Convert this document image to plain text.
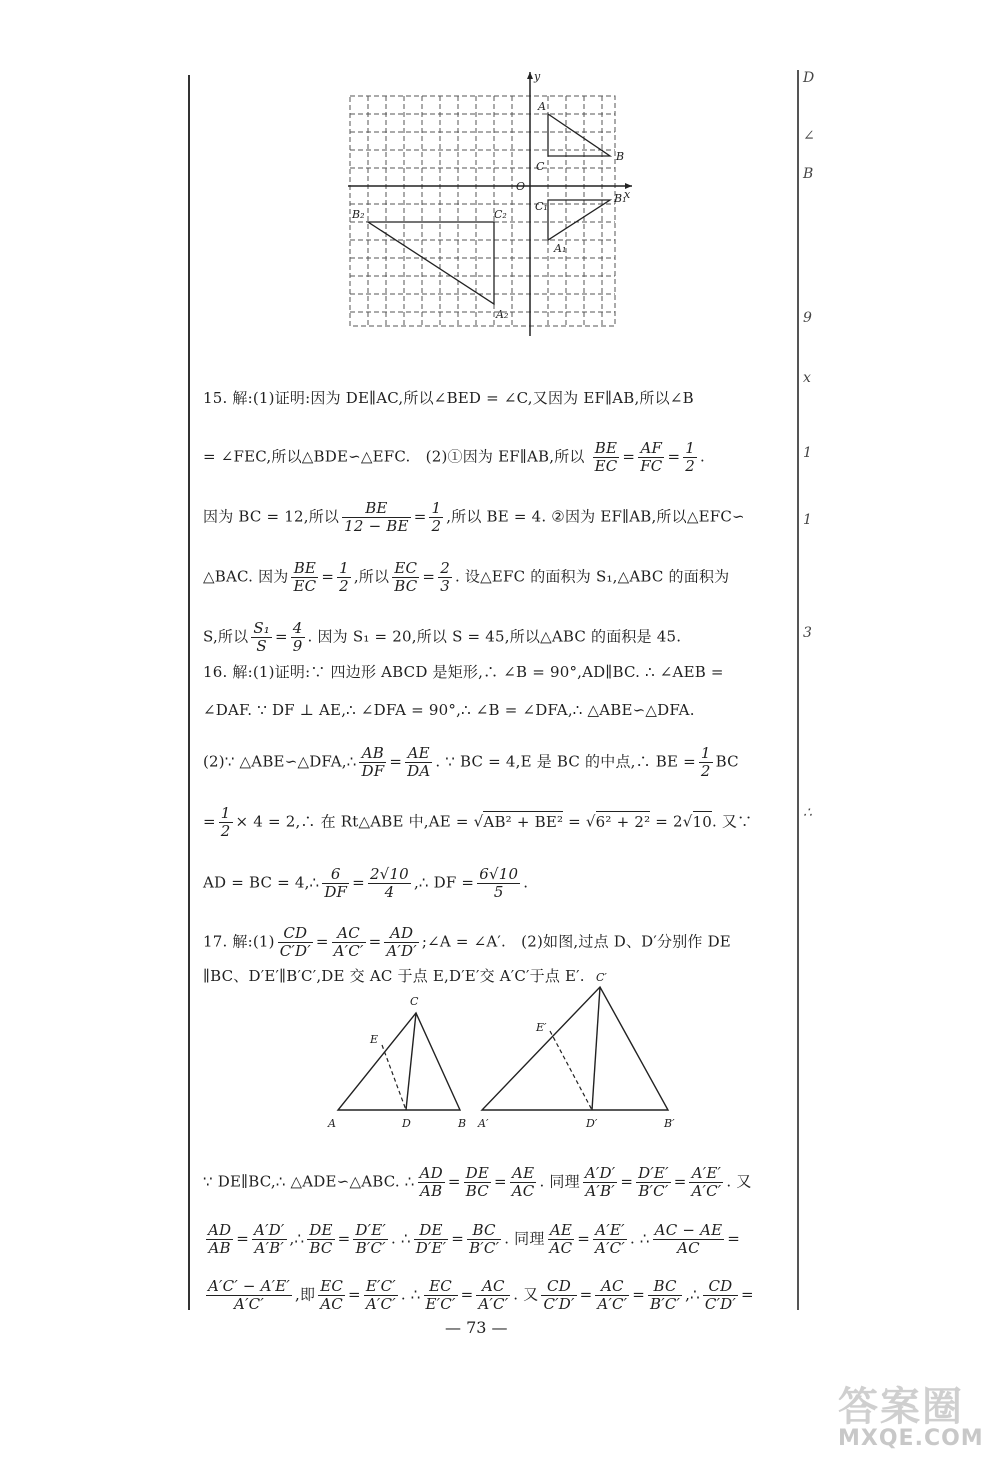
D
∠
B
9
x
1
1
3
∴
y
x
O
A
B
C
B₁
C₁
A₁
B₂	C₂
A₂
15. 解:(1)证明:因为 DE∥AC,所以∠BED = ∠C,又因为 EF∥AB,所以∠B
= ∠FEC,所以△BDE∽△EFC.　(2)①因为 EF∥AB,所以 $\frac{BE}{EC} = \frac{AF}{FC} = \frac{1}{2}$ .
因为 BC = 12,所以 $\frac{BE}{12 - BE} = \frac{1}{2}$ ,所以 BE = 4. ②因为 EF∥AB,所以△EFC∽
△BAC. 因为 $\frac{BE}{EC} = \frac{1}{2}$ ,所以 $\frac{EC}{BC} = \frac{2}{3}$ . 设△EFC 的面积为 S₁,△ABC 的面积为
S,所以 $\frac{\text{S₁}}{S} = \frac{4}{9}$ . 因为 S₁ = 20,所以 S = 45,所以△ABC 的面积是 45.
16. 解:(1)证明:∵ 四边形 ABCD 是矩形,∴ ∠B = 90°,AD∥BC. ∴ ∠AEB =
∠DAF. ∵ DF ⊥ AE,∴ ∠DFA = 90°,∴ ∠B = ∠DFA,∴ △ABE∽△DFA.
(2)∵ △ABE∽△DFA,∴ $\frac{AB}{DF} = \frac{AE}{DA}$ . ∵ BC = 4,E 是 BC 的中点,∴ BE = $\frac{1}{2}$ BC
= $\frac{1}{2} \times 4$ = 2,∴ 在 Rt△ABE 中,AE = √AB² + BE² = √6² + 2² = 2√10. 又∵
AD = BC = 4,∴ $\frac{6}{DF} = \frac{2√10}{4}$ ,∴ DF = $\frac{6√10}{5}$ .
17. 解:(1) $\frac{CD}{C'D'} = \frac{AC}{A'C'} = \frac{AD}{A'D'}$ ;∠A = ∠A′.　(2)如图,过点 D、D′分别作 DE
∥BC、D′E′∥B′C′,DE 交 AC 于点 E,D′E′交 A′C′于点 E′.
∵ DE∥BC,∴ △ADE∽△ABC. ∴ $\frac{AD}{AB} = \frac{DE}{BC} = \frac{AE}{AC}$ . 同理 $\frac{A'D'}{A'B'} = \frac{D'E'}{B'C'} = \frac{A'E'}{A'C'}$ . 又
$\frac{AD}{AB} = \frac{A'D'}{A'B'}$ ,∴ $\frac{DE}{BC} = \frac{D'E'}{B'C'}$ . ∴ $\frac{DE}{D'E'} = \frac{BC}{B'C'}$ . 同理 $\frac{AE}{AC} = \frac{A'E'}{A'C'}$ . ∴ $\frac{AC - AE}{AC}$ =
$\frac{A'C' - A'E'}{A'C'}$ ,即 $\frac{EC}{AC} = \frac{E'C'}{A'C'}$ . ∴ $\frac{EC}{E'C'} = \frac{AC}{A'C'}$ . 又 $\frac{CD}{C'D'} = \frac{AC}{A'C'} = \frac{BC}{B'C'}$ ,∴ $\frac{CD}{C'D'}$ =
A	D	B
C
E
A′	D′	B′
C′
E′
— 73 —
答案圈
MXQE.COM
